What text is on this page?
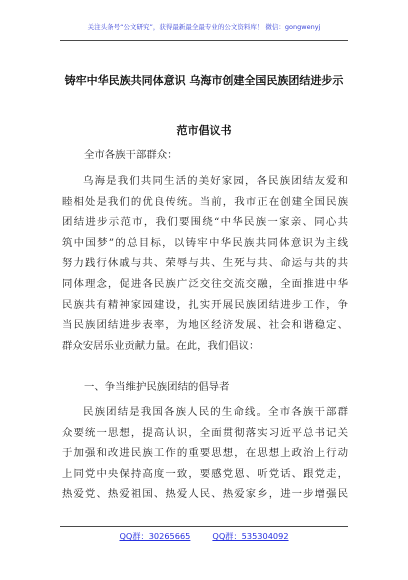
关注头条号“公文研究”，获得最新最全最专业的公文资料库！ 微信：gongwenyj
铸牢中华民族共同体意识 乌海市创建全国民族团结进步示
范市倡议书
全市各族干部群众：
乌海是我们共同生活的美好家园，各民族团结友爱和
睦相处是我们的优良传统。当前，我市正在创建全国民族
团结进步示范市，我们要围绕“中华民族一家亲、同心共
筑中国梦”的总目标，以铸牢中华民族共同体意识为主线
努力践行休戚与共、荣辱与共、生死与共、命运与共的共
同体理念，促进各民族广泛交往交流交融，全面推进中华
民族共有精神家园建设，扎实开展民族团结进步工作，争
当民族团结进步表率，为地区经济发展、社会和谐稳定、
群众安居乐业贡献力量。在此，我们倡议：
一、争当维护民族团结的倡导者
民族团结是我国各族人民的生命线。全市各族干部群
众要统一思想，提高认识，全面贯彻落实习近平总书记关
于加强和改进民族工作的重要思想，在思想上政治上行动
上同党中央保持高度一致，要感党恩、听党话、跟党走，
热爱党、热爱祖国、热爱人民、热爱家乡，进一步增强民
QQ群：30265665	QQ群：535304092
